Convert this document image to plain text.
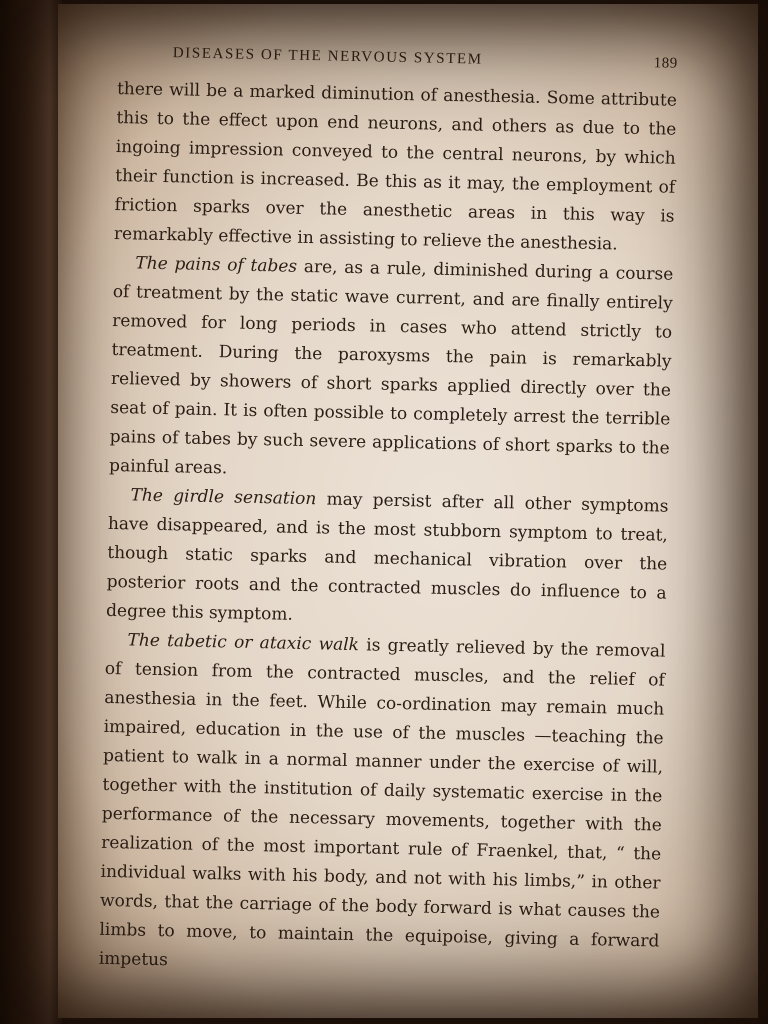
DISEASES OF THE NERVOUS SYSTEM	189

there will be a marked diminution of anesthesia. Some attribute this to the effect upon end neurons, and others as due to the ingoing impression conveyed to the central neurons, by which their function is increased. Be this as it may, the employment of friction sparks over the anesthetic areas in this way is remarkably effective in assisting to relieve the anesthesia.

The pains of tabes are, as a rule, diminished during a course of treatment by the static wave current, and are finally entirely removed for long periods in cases who attend strictly to treatment. During the paroxysms the pain is remarkably relieved by showers of short sparks applied directly over the seat of pain. It is often possible to completely arrest the terrible pains of tabes by such severe applications of short sparks to the painful areas.

The girdle sensation may persist after all other symptoms have disappeared, and is the most stubborn symptom to treat, though static sparks and mechanical vibration over the posterior roots and the contracted muscles do influence to a degree this symptom.

The tabetic or ataxic walk is greatly relieved by the removal of tension from the contracted muscles, and the relief of anesthesia in the feet. While co-ordination may remain much impaired, education in the use of the muscles —teaching the patient to walk in a normal manner under the exercise of will, together with the institution of daily systematic exercise in the performance of the necessary movements, together with the realization of the most important rule of Fraenkel, that, “ the individual walks with his body, and not with his limbs,” in other words, that the carriage of the body forward is what causes the limbs to move, to maintain the equipoise, giving a forward impetus
